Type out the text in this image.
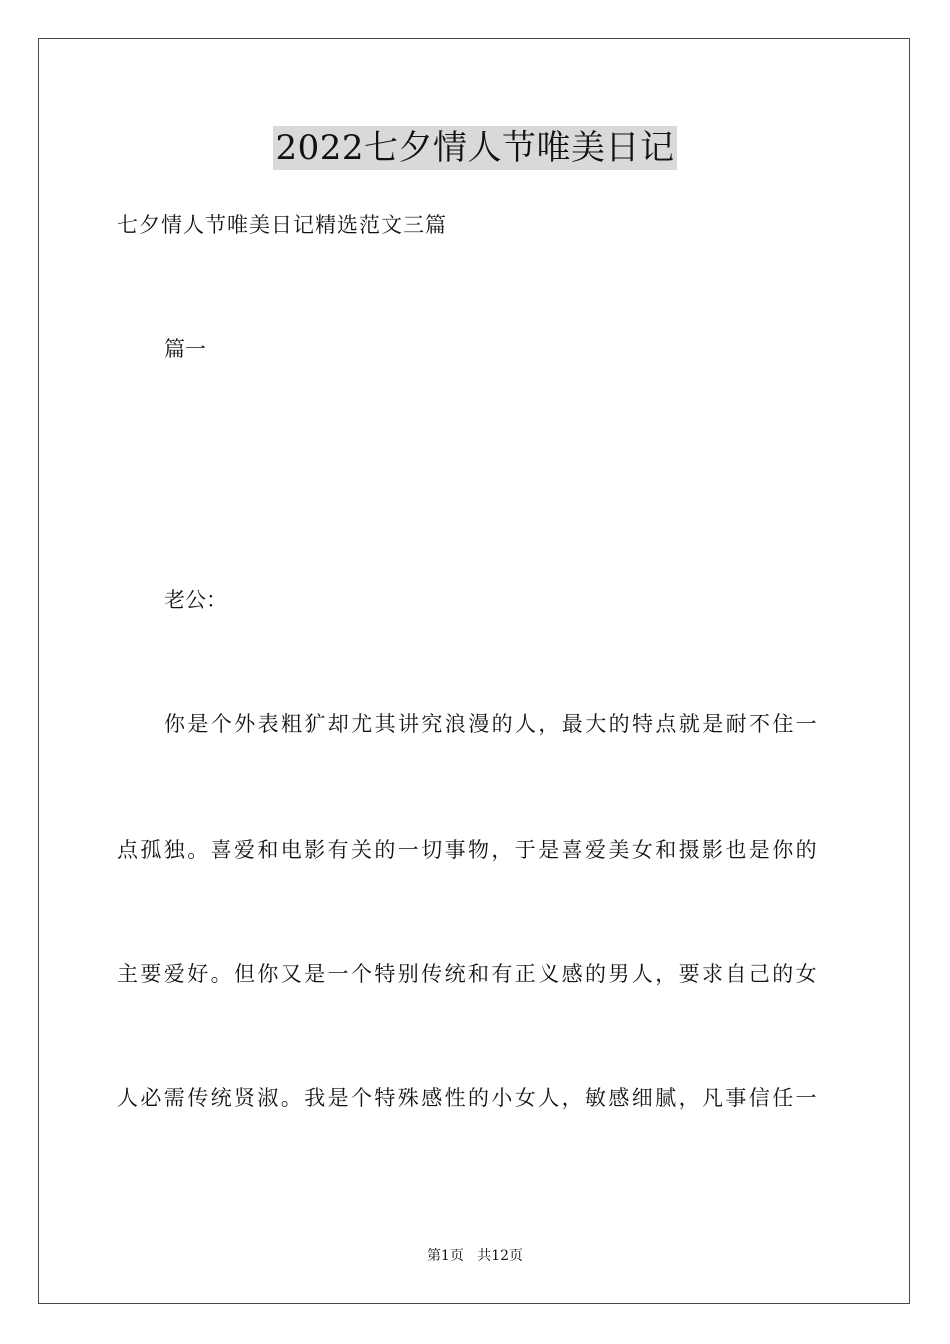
2022七夕情人节唯美日记
七夕情人节唯美日记精选范文三篇
篇一
老公：
你是个外表粗犷却尤其讲究浪漫的人，最大的特点就是耐不住一
点孤独。喜爱和电影有关的一切事物，于是喜爱美女和摄影也是你的
主要爱好。但你又是一个特别传统和有正义感的男人，要求自己的女
人必需传统贤淑。我是个特殊感性的小女人，敏感细腻，凡事信任一
第1页 共12页
